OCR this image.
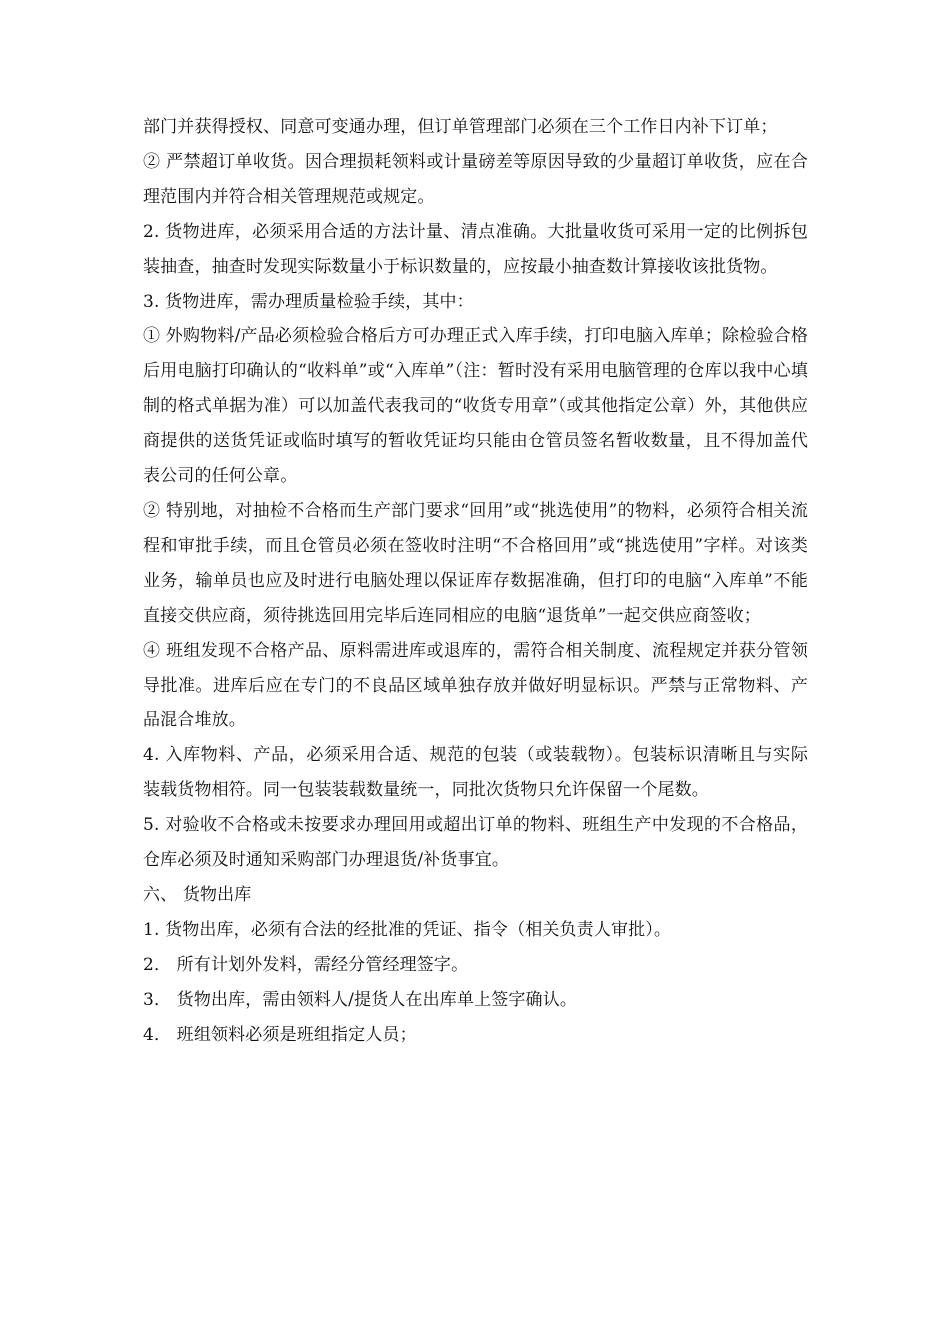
部门并获得授权、同意可变通办理，但订单管理部门必须在三个工作日内补下订单；

② 严禁超订单收货。因合理损耗领料或计量磅差等原因导致的少量超订单收货，应在合理范围内并符合相关管理规范或规定。

2. 货物进库，必须采用合适的方法计量、清点准确。大批量收货可采用一定的比例拆包装抽查，抽查时发现实际数量小于标识数量的，应按最小抽查数计算接收该批货物。

3. 货物进库，需办理质量检验手续，其中：

① 外购物料/产品必须检验合格后方可办理正式入库手续，打印电脑入库单；除检验合格后用电脑打印确认的“收料单”或“入库单”（注：暂时没有采用电脑管理的仓库以我中心填制的格式单据为准）可以加盖代表我司的“收货专用章”（或其他指定公章）外，其他供应商提供的送货凭证或临时填写的暂收凭证均只能由仓管员签名暂收数量，且不得加盖代表公司的任何公章。

② 特别地，对抽检不合格而生产部门要求“回用”或“挑选使用”的物料，必须符合相关流程和审批手续，而且仓管员必须在签收时注明“不合格回用”或“挑选使用”字样。对该类业务，输单员也应及时进行电脑处理以保证库存数据准确，但打印的电脑“入库单”不能直接交供应商，须待挑选回用完毕后连同相应的电脑“退货单”一起交供应商签收；

④ 班组发现不合格产品、原料需进库或退库的，需符合相关制度、流程规定并获分管领导批准。进库后应在专门的不良品区域单独存放并做好明显标识。严禁与正常物料、产品混合堆放。

4. 入库物料、产品，必须采用合适、规范的包装（或装载物）。包装标识清晰且与实际装载货物相符。同一包装装载数量统一，同批次货物只允许保留一个尾数。

5. 对验收不合格或未按要求办理回用或超出订单的物料、班组生产中发现的不合格品，仓库必须及时通知采购部门办理退货/补货事宜。

六、 货物出库

1. 货物出库，必须有合法的经批准的凭证、指令（相关负责人审批）。

2． 所有计划外发料，需经分管经理签字。

3． 货物出库，需由领料人/提货人在出库单上签字确认。

4． 班组领料必须是班组指定人员；
